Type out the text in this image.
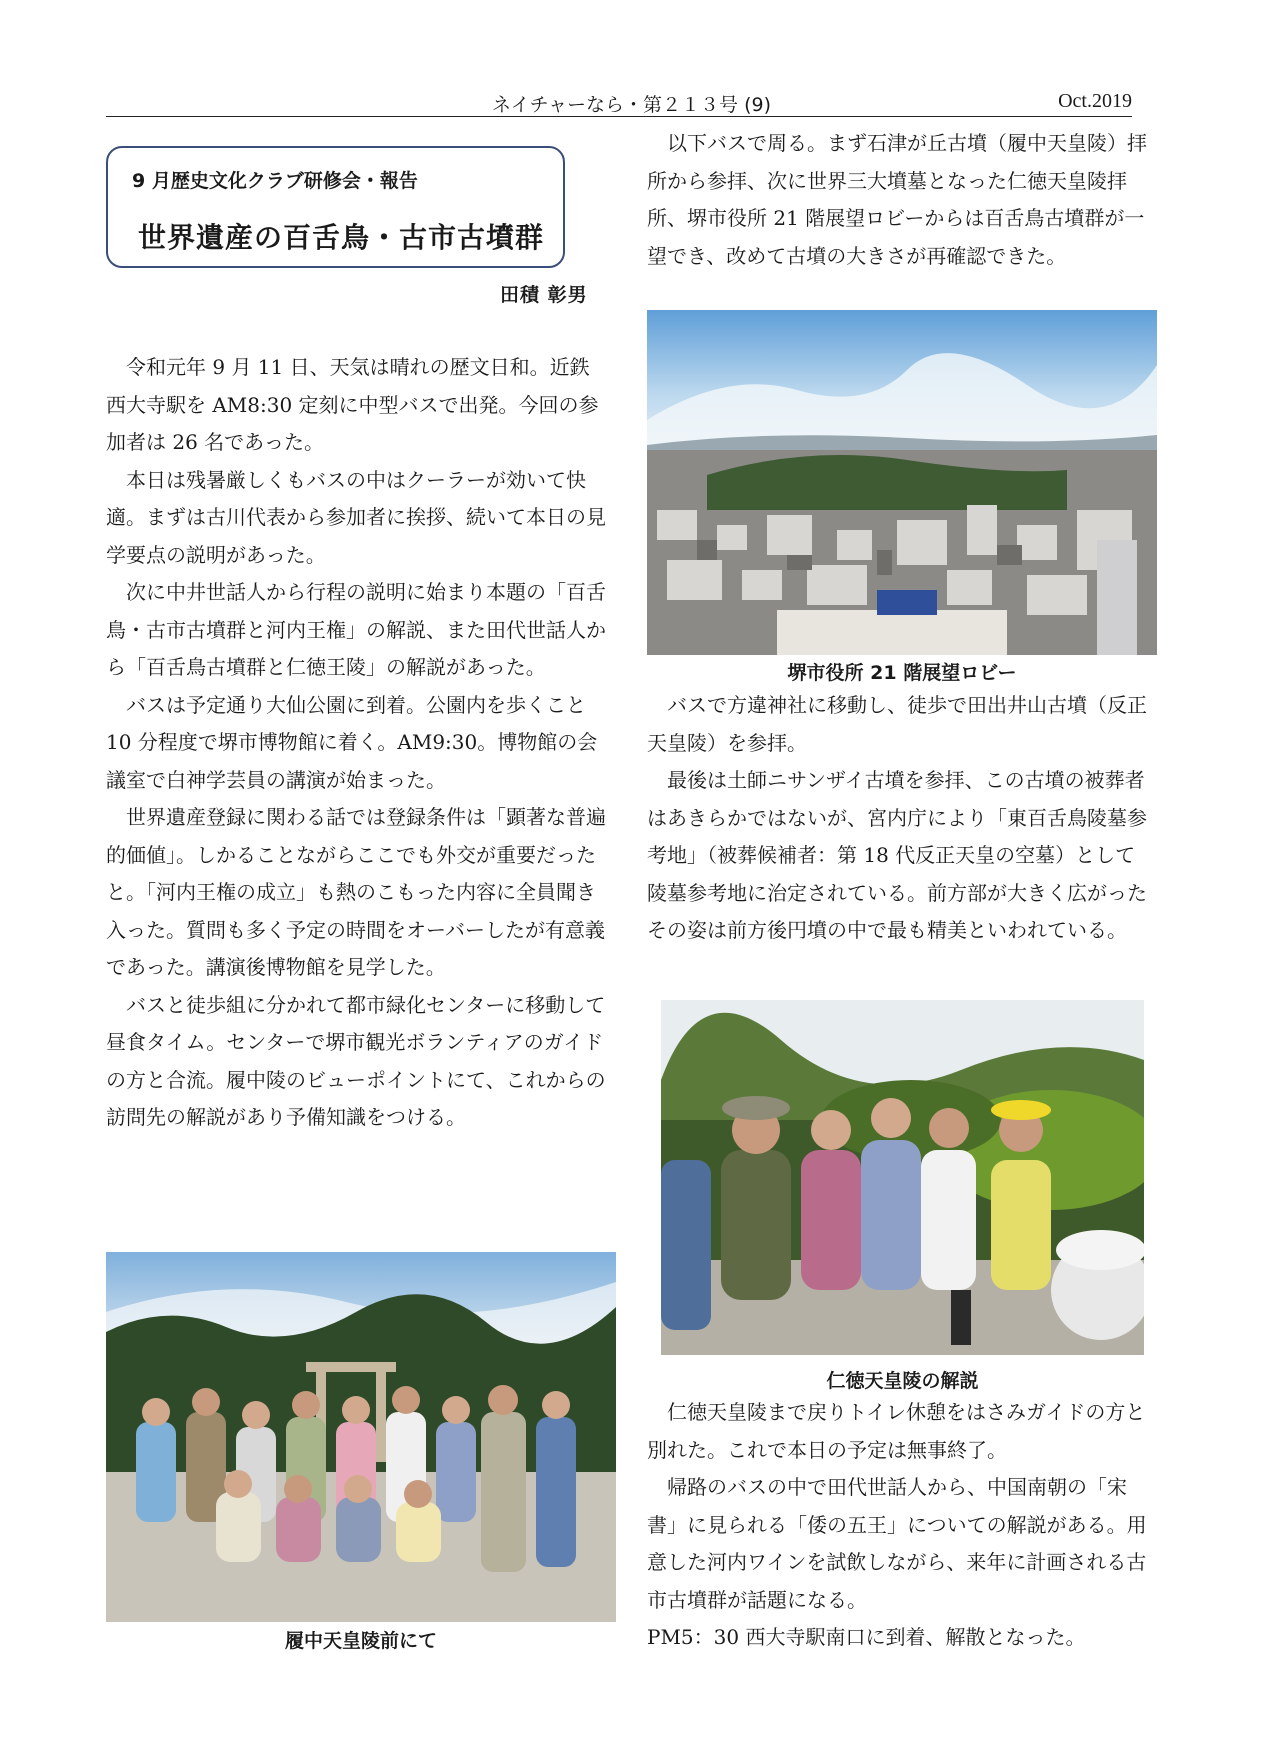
ネイチャーなら・第２１３号 (9)	Oct.2019
9 月歴史文化クラブ研修会・報告
世界遺産の百舌鳥・古市古墳群
田積 彰男

令和元年 9 月 11 日、天気は晴れの歴文日和。近鉄西大寺駅を AM8:30 定刻に中型バスで出発。今回の参加者は 26 名であった。

本日は残暑厳しくもバスの中はクーラーが効いて快適。まずは古川代表から参加者に挨拶、続いて本日の見学要点の説明があった。

次に中井世話人から行程の説明に始まり本題の「百舌鳥・古市古墳群と河内王権」の解説、また田代世話人から「百舌鳥古墳群と仁徳王陵」の解説があった。

バスは予定通り大仙公園に到着。公園内を歩くこと 10 分程度で堺市博物館に着く。AM9:30。博物館の会議室で白神学芸員の講演が始まった。

世界遺産登録に関わる話では登録条件は「顕著な普遍的価値」。しかることながらここでも外交が重要だったと。「河内王権の成立」も熱のこもった内容に全員聞き入った。質問も多く予定の時間をオーバーしたが有意義であった。講演後博物館を見学した。

バスと徒歩組に分かれて都市緑化センターに移動して昼食タイム。センターで堺市観光ボランティアのガイドの方と合流。履中陵のビューポイントにて、これからの訪問先の解説があり予備知識をつける。

以下バスで周る。まず石津が丘古墳（履中天皇陵）拝所から参拝、次に世界三大墳墓となった仁徳天皇陵拝所、堺市役所 21 階展望ロビーからは百舌鳥古墳群が一望でき、改めて古墳の大きさが再確認できた。

堺市役所 21 階展望ロビー

バスで方違神社に移動し、徒歩で田出井山古墳（反正天皇陵）を参拝。

最後は土師ニサンザイ古墳を参拝、この古墳の被葬者はあきらかではないが、宮内庁により「東百舌鳥陵墓参考地」（被葬候補者：第 18 代反正天皇の空墓）として陵墓参考地に治定されている。前方部が大きく広がったその姿は前方後円墳の中で最も精美といわれている。

仁徳天皇陵の解説

仁徳天皇陵まで戻りトイレ休憩をはさみガイドの方と別れた。これで本日の予定は無事終了。

帰路のバスの中で田代世話人から、中国南朝の「宋書」に見られる「倭の五王」についての解説がある。用意した河内ワインを試飲しながら、来年に計画される古市古墳群が話題になる。

PM5：30 西大寺駅南口に到着、解散となった。

履中天皇陵前にて
